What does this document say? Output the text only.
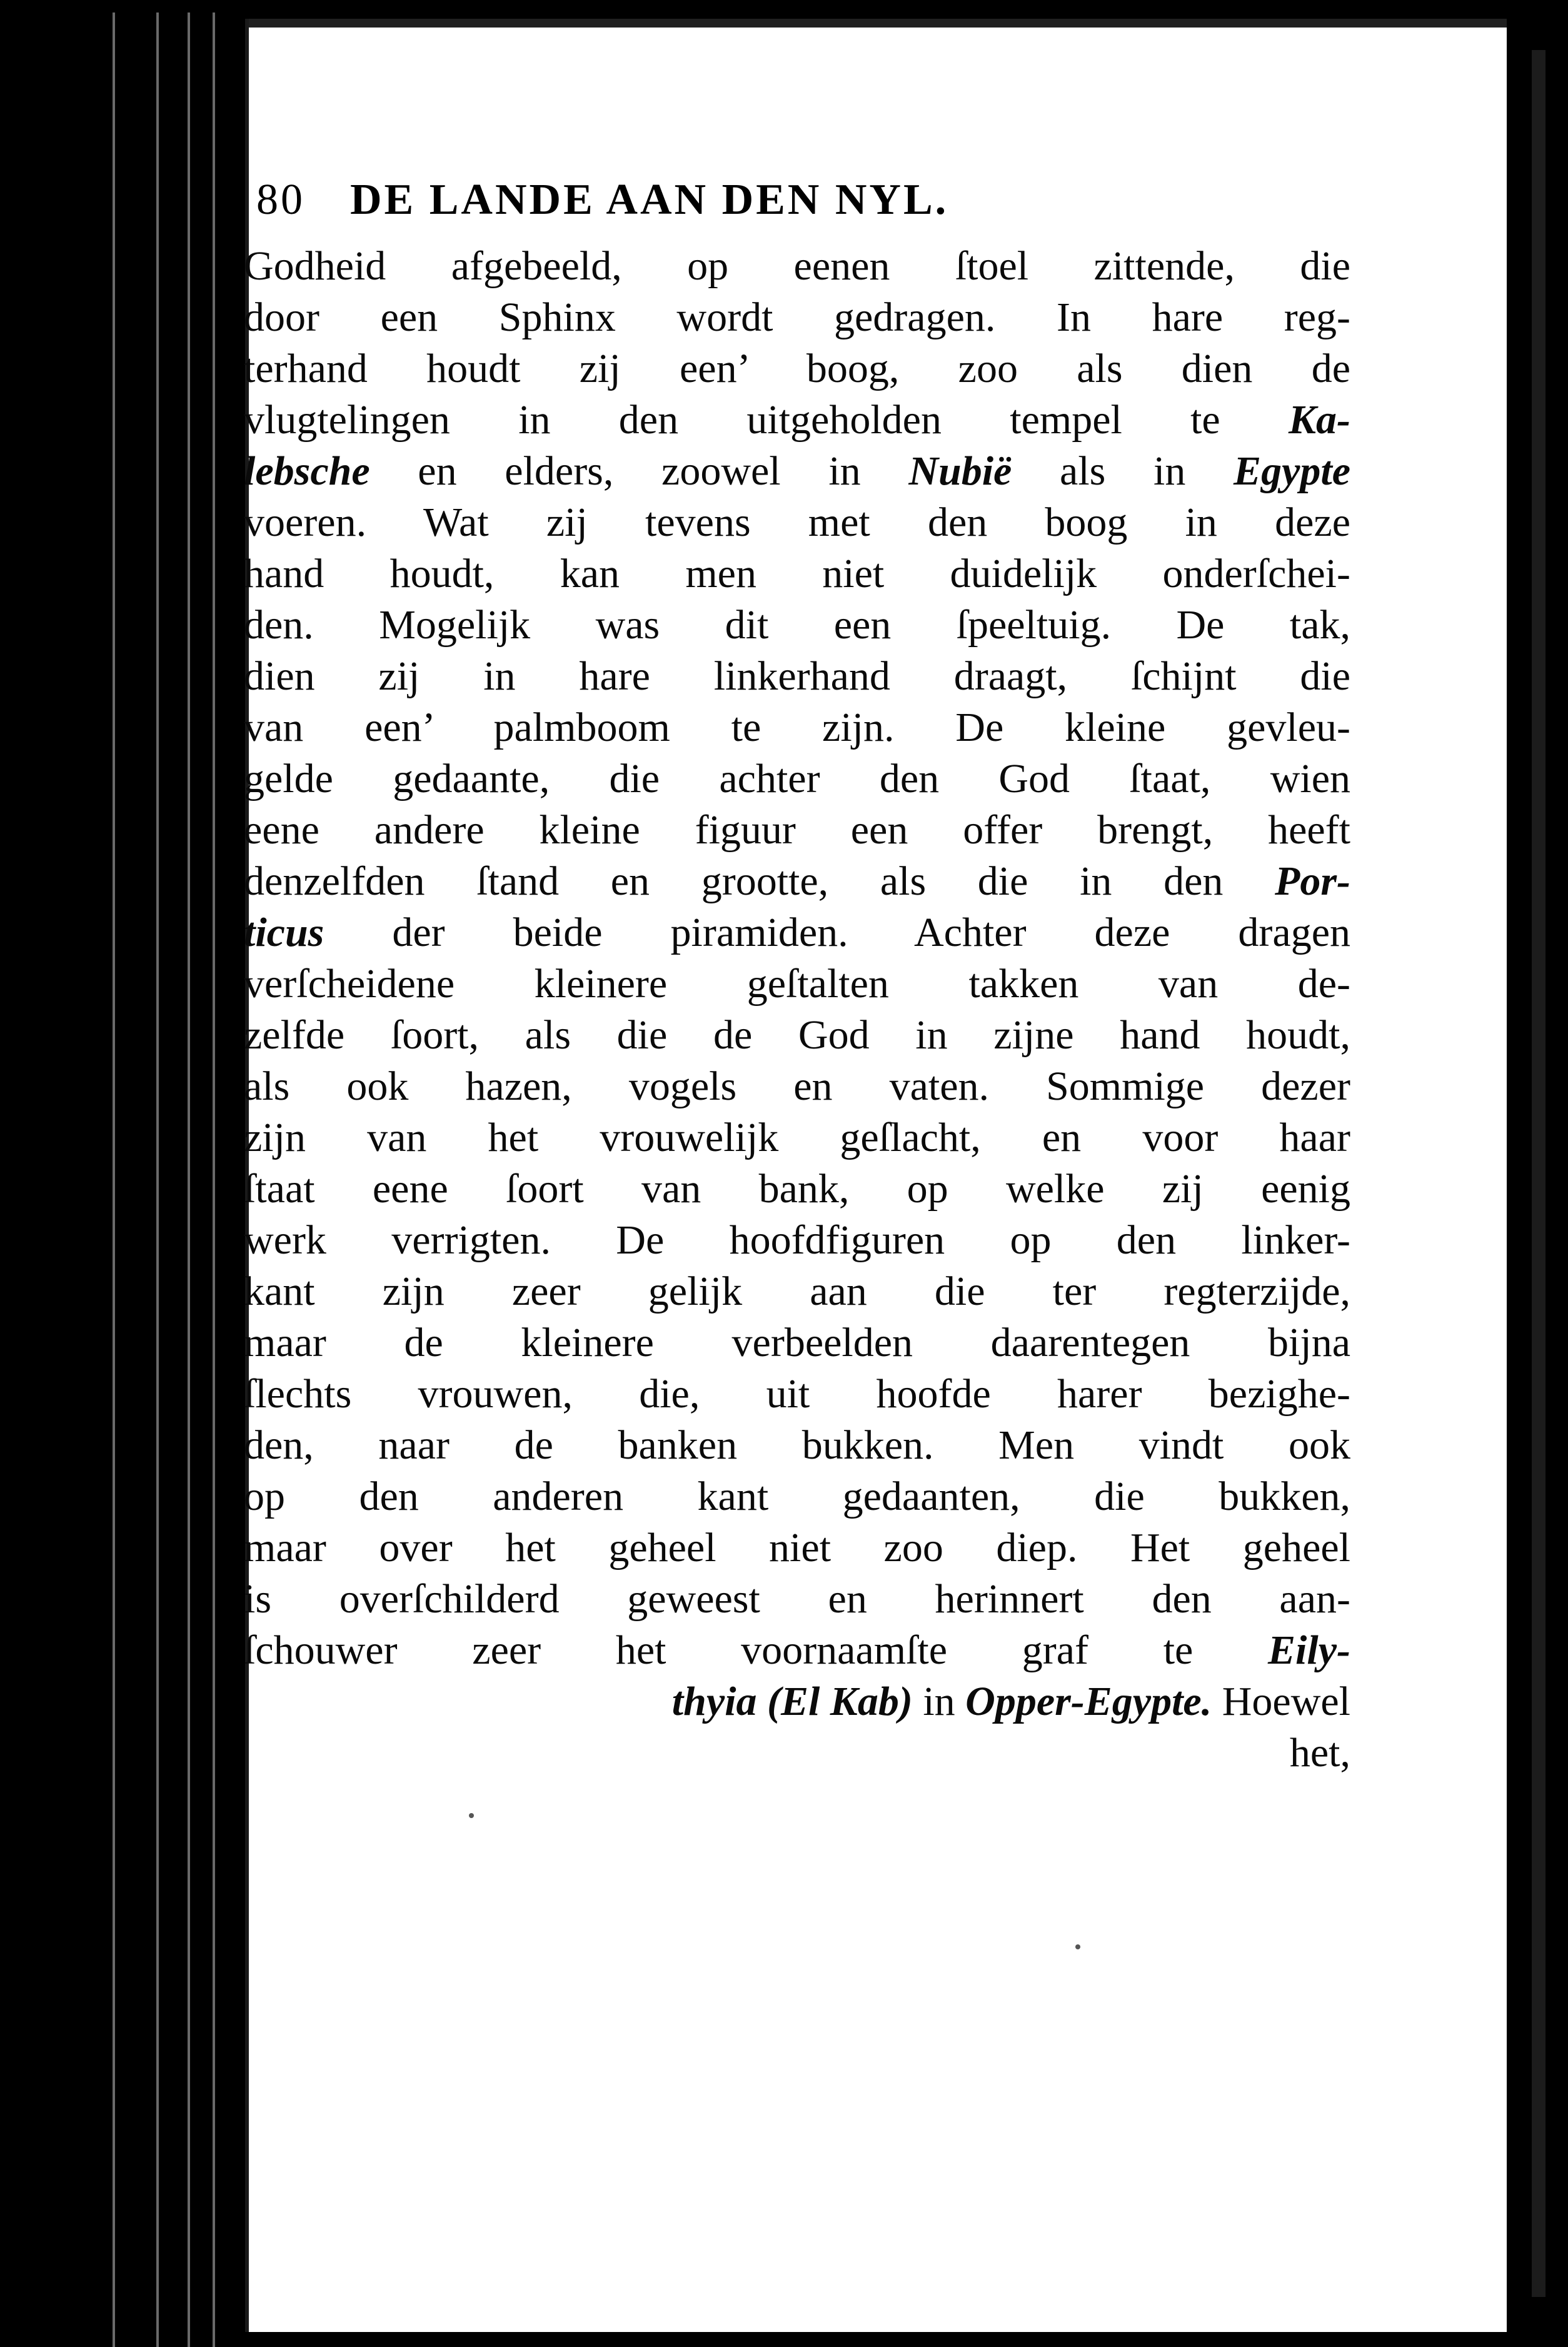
80 DE LANDE AAN DEN NYL.
Godheid afgebeeld, op eenen ſtoel zittende, die
door een Sphinx wordt gedragen. In hare reg-
terhand houdt zij een’ boog, zoo als dien de
vlugtelingen in den uitgeholden tempel te Ka-
lebsche en elders, zoowel in Nubië als in Egypte
voeren. Wat zij tevens met den boog in deze
hand houdt, kan men niet duidelijk onderſchei-
den. Mogelijk was dit een ſpeeltuig. De tak,
dien zij in hare linkerhand draagt, ſchijnt die
van een’ palmboom te zijn. De kleine gevleu-
gelde gedaante, die achter den God ſtaat, wien
eene andere kleine figuur een offer brengt, heeft
denzelfden ſtand en grootte, als die in den Por-
ticus der beide piramiden. Achter deze dragen
verſcheidene kleinere geſtalten takken van de-
zelfde ſoort, als die de God in zijne hand houdt,
als ook hazen, vogels en vaten. Sommige dezer
zijn van het vrouwelijk geſlacht, en voor haar
ſtaat eene ſoort van bank, op welke zij eenig
werk verrigten. De hoofdfiguren op den linker-
kant zijn zeer gelijk aan die ter regterzijde,
maar de kleinere verbeelden daarentegen bijna
ſlechts vrouwen, die, uit hoofde harer bezighe-
den, naar de banken bukken. Men vindt ook
op den anderen kant gedaanten, die bukken,
maar over het geheel niet zoo diep. Het geheel
is overſchilderd geweest en herinnert den aan-
ſchouwer zeer het voornaamſte graf te Eily-
thyia (El Kab) in Opper-Egypte. Hoewel
het,
